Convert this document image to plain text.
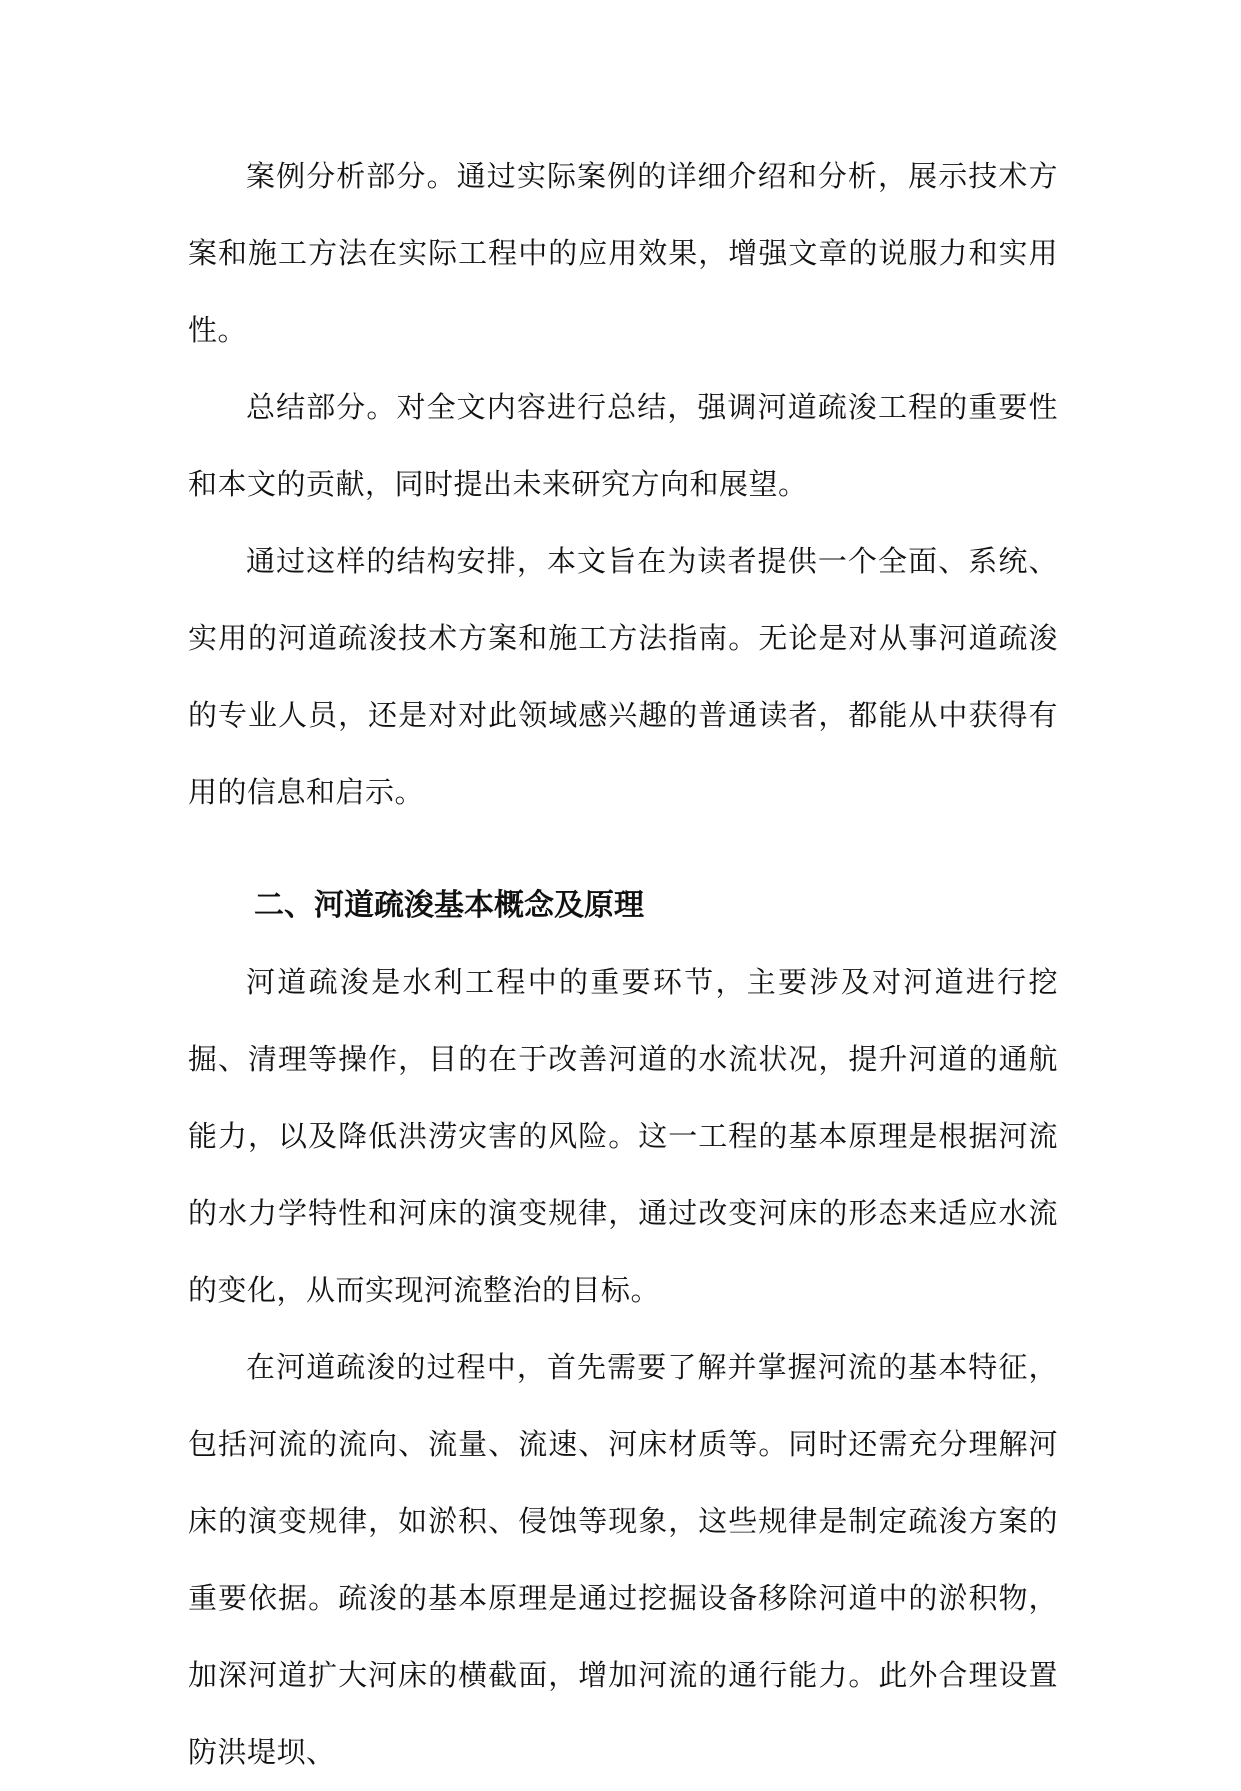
案例分析部分。通过实际案例的详细介绍和分析，展示技术方案和施工方法在实际工程中的应用效果，增强文章的说服力和实用性。

总结部分。对全文内容进行总结，强调河道疏浚工程的重要性和本文的贡献，同时提出未来研究方向和展望。

通过这样的结构安排，本文旨在为读者提供一个全面、系统、实用的河道疏浚技术方案和施工方法指南。无论是对从事河道疏浚的专业人员，还是对对此领域感兴趣的普通读者，都能从中获得有用的信息和启示。

二、河道疏浚基本概念及原理

河道疏浚是水利工程中的重要环节，主要涉及对河道进行挖掘、清理等操作，目的在于改善河道的水流状况，提升河道的通航能力，以及降低洪涝灾害的风险。这一工程的基本原理是根据河流的水力学特性和河床的演变规律，通过改变河床的形态来适应水流的变化，从而实现河流整治的目标。

在河道疏浚的过程中，首先需要了解并掌握河流的基本特征，包括河流的流向、流量、流速、河床材质等。同时还需充分理解河床的演变规律，如淤积、侵蚀等现象，这些规律是制定疏浚方案的重要依据。疏浚的基本原理是通过挖掘设备移除河道中的淤积物，加深河道扩大河床的横截面，增加河流的通行能力。此外合理设置防洪堤坝、
